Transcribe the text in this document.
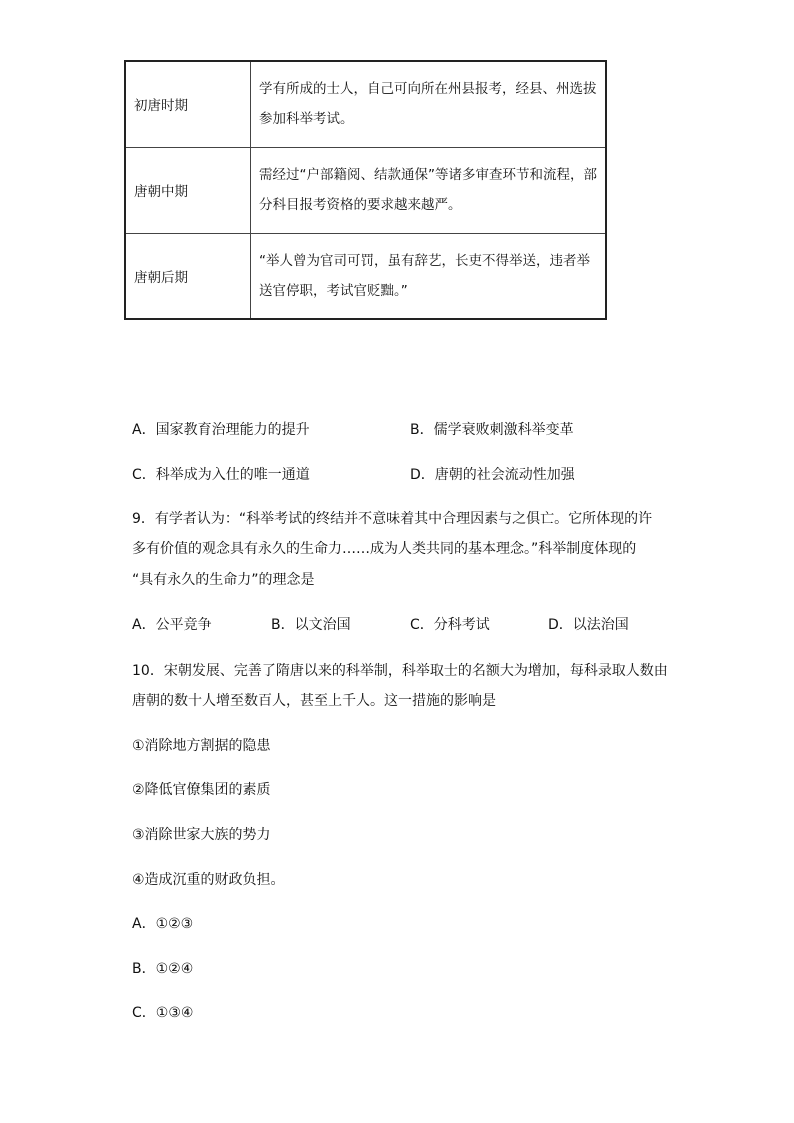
初唐时期	学有所成的士人，自己可向所在州县报考，经县、州选拔参加科举考试。
唐朝中期	需经过“户部籍阅、结款通保”等诸多审查环节和流程，部分科目报考资格的要求越来越严。
唐朝后期	“举人曾为官司可罚，虽有辞艺，长吏不得举送，违者举送官停职，考试官贬黜。”
A．国家教育治理能力的提升	B．儒学衰败刺激科举变革
C．科举成为入仕的唯一通道	D．唐朝的社会流动性加强
9．有学者认为：“科举考试的终结并不意味着其中合理因素与之俱亡。它所体现的许
多有价值的观念具有永久的生命力……成为人类共同的基本理念。”科举制度体现的
“具有永久的生命力”的理念是
A．公平竞争	B．以文治国	C．分科考试	D．以法治国
10．宋朝发展、完善了隋唐以来的科举制，科举取士的名额大为增加，每科录取人数由
唐朝的数十人增至数百人，甚至上千人。这一措施的影响是
①消除地方割据的隐患
②降低官僚集团的素质
③消除世家大族的势力
④造成沉重的财政负担。
A．①②③
B．①②④
C．①③④
